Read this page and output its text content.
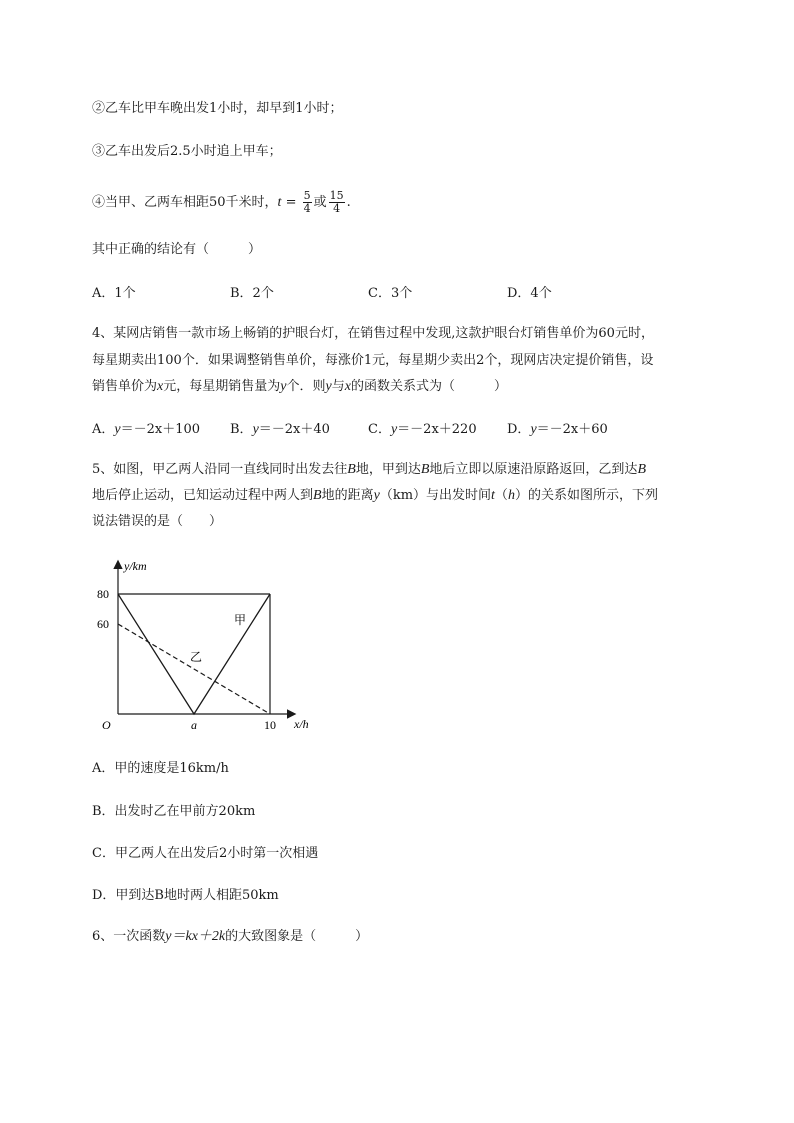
②乙车比甲车晚出发1小时，却早到1小时；
③乙车出发后2.5小时追上甲车；
④当甲、乙两车相距50千米时，$t = \frac{5}{4}$ 或 $\frac{15}{4}$ .
其中正确的结论有（　　　）
A．1个	B．2个	C．3个	D．4个
4、某网店销售一款市场上畅销的护眼台灯，在销售过程中发现,这款护眼台灯销售单价为60元时，
每星期卖出100个．如果调整销售单价，每涨价1元，每星期少卖出2个，现网店决定提价销售，设
销售单价为x元，每星期销售量为y个．则y与x的函数关系式为（　　　）
A．y＝－2x＋100 B．y＝－2x＋40	C．y＝－2x＋220 D．y＝－2x＋60
5、如图，甲乙两人沿同一直线同时出发去往B地，甲到达B地后立即以原速沿原路返回，乙到达B
地后停止运动，已知运动过程中两人到B地的距离y（km）与出发时间t（h）的关系如图所示，下列
说法错误的是（　　）
y/km
x/h
O
60
80
a	10
甲
乙
A．甲的速度是16km/h
B．出发时乙在甲前方20km
C．甲乙两人在出发后2小时第一次相遇
D．甲到达B地时两人相距50km
6、一次函数y＝kx＋2k的大致图象是（　　　）
